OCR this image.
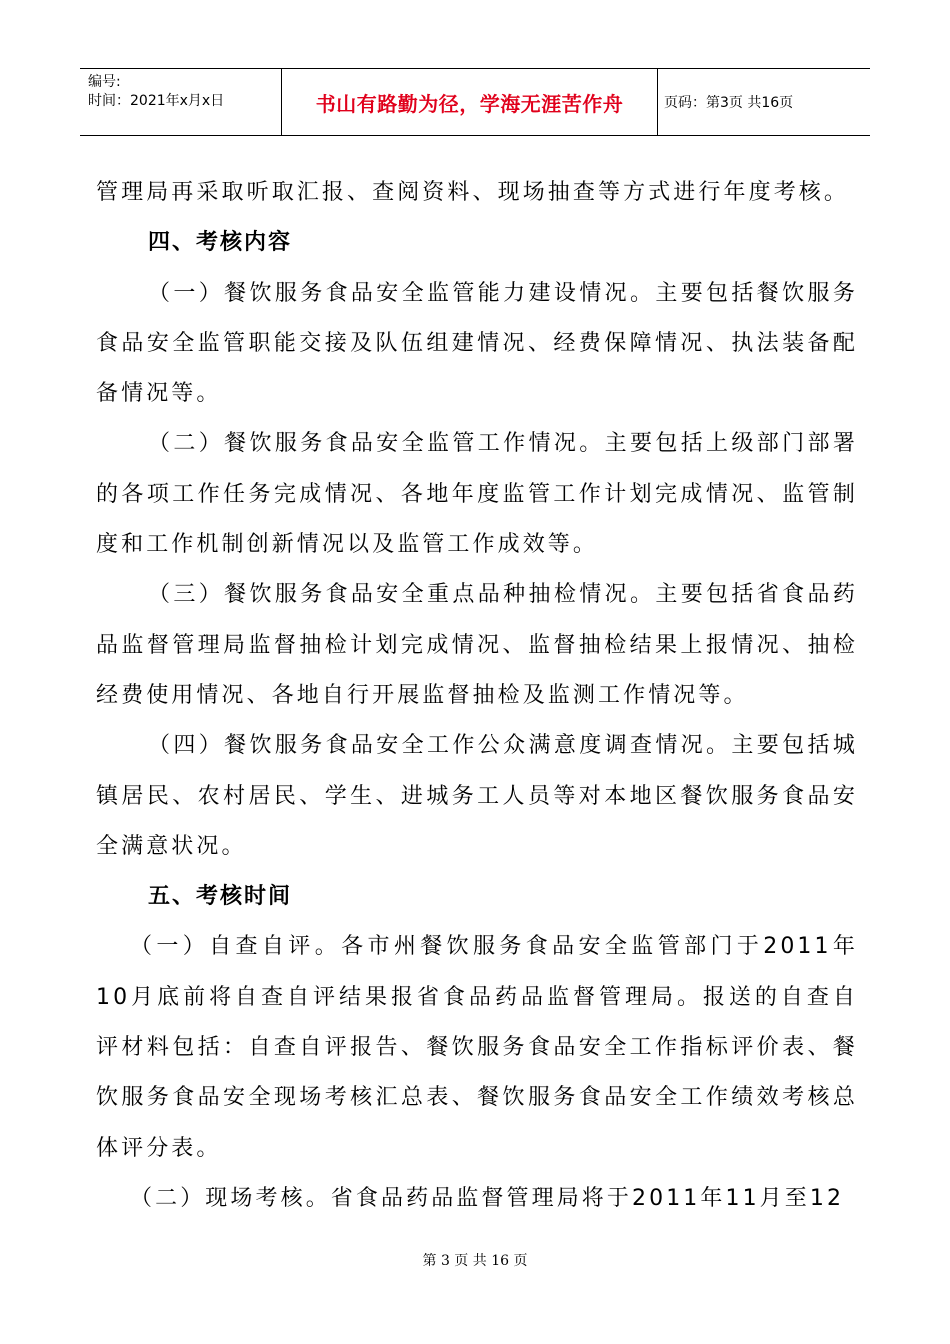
编号:
时间：2021年x月x日	书山有路勤为径，学海无涯苦作舟	页码：第3页 共16页

管理局再采取听取汇报、查阅资料、现场抽查等方式进行年度考核。

四、考核内容

（一）餐饮服务食品安全监管能力建设情况。主要包括餐饮服务食品安全监管职能交接及队伍组建情况、经费保障情况、执法装备配备情况等。

（二）餐饮服务食品安全监管工作情况。主要包括上级部门部署的各项工作任务完成情况、各地年度监管工作计划完成情况、监管制度和工作机制创新情况以及监管工作成效等。

（三）餐饮服务食品安全重点品种抽检情况。主要包括省食品药品监督管理局监督抽检计划完成情况、监督抽检结果上报情况、抽检经费使用情况、各地自行开展监督抽检及监测工作情况等。

（四）餐饮服务食品安全工作公众满意度调查情况。主要包括城镇居民、农村居民、学生、进城务工人员等对本地区餐饮服务食品安全满意状况。

五、考核时间

（一）自查自评。各市州餐饮服务食品安全监管部门于2011年10月底前将自查自评结果报省食品药品监督管理局。报送的自查自评材料包括：自查自评报告、餐饮服务食品安全工作指标评价表、餐饮服务食品安全现场考核汇总表、餐饮服务食品安全工作绩效考核总体评分表。

（二）现场考核。省食品药品监督管理局将于2011年11月至12

第 3 页 共 16 页
